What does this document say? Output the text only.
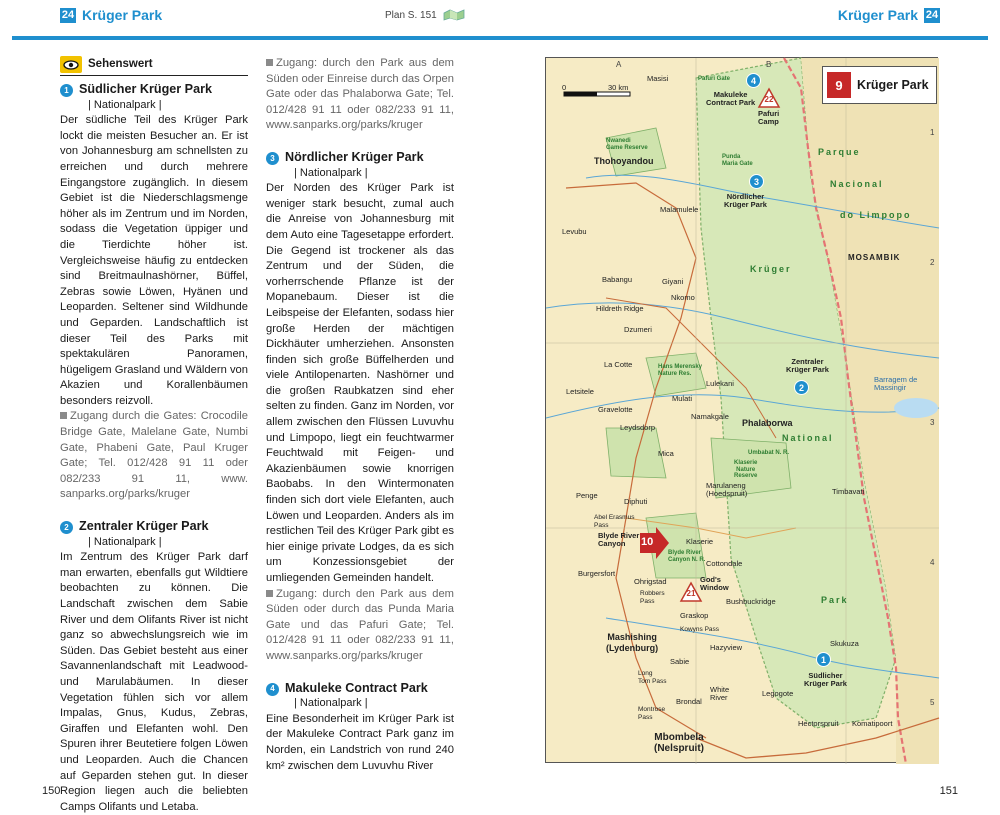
24 Krüger Park	Plan S. 151	Krüger Park 24
Sehenswert
1 Südlicher Krüger Park
| Nationalpark |

Der südliche Teil des Krüger Park lockt die meisten Besucher an. Er ist von Johannesburg am schnellsten zu erreichen und durch mehrere Eingangstore zugänglich. In diesem Gebiet ist die Niederschlagsmenge höher als im Zentrum und im Norden, sodass die Vegetation üppiger und die Tierdichte höher ist. Vergleichsweise häufig zu entdecken sind Breitmaulnashörner, Büffel, Zebras sowie Löwen, Hyänen und Leoparden. Seltener sind Wildhunde und Geparden. Landschaftlich ist dieser Teil des Parks mit spektakulären Panoramen, hügeligem Grasland und Wäldern von Akazien und Korallenbäumen besonders reizvoll.

Zugang durch die Gates: Crocodile Bridge Gate, Malelane Gate, Numbi Gate, Phabeni Gate, Paul Kruger Gate; Tel. 012/428 91 11 oder 082/233 91 11, www. sanparks.org/parks/kruger

2 Zentraler Krüger Park
| Nationalpark |

Im Zentrum des Krüger Park darf man erwarten, ebenfalls gut Wildtiere beobachten zu können. Die Landschaft zwischen dem Sabie River und dem Olifants River ist nicht ganz so abwechslungsreich wie im Süden. Das Gebiet besteht aus einer Savannenlandschaft mit Leadwood- und Marulabäumen. In dieser Vegetation fühlen sich vor allem Impalas, Gnus, Kudus, Zebras, Giraffen und Elefanten wohl. Den Spuren ihrer Beutetiere folgen Löwen und Leoparden. Auch die Chancen auf Geparden stehen gut. In dieser Region liegen auch die beliebten Camps Olifants und Letaba.

Zugang: durch den Park aus dem Süden oder Einreise durch das Orpen Gate oder das Phalaborwa Gate; Tel. 012/428 91 11 oder 082/233 91 11, www.sanparks.org/parks/kruger

3 Nördlicher Krüger Park
| Nationalpark |

Der Norden des Krüger Park ist weniger stark besucht, zumal auch die Anreise von Johannesburg mit dem Auto eine Tagesetappe erfordert. Die Gegend ist trockener als das Zentrum und der Süden, die vorherrschende Pflanze ist der Mopanebaum. Dieser ist die Leibspeise der Elefanten, sodass hier große Herden der mächtigen Dickhäuter umherziehen. Ansonsten finden sich große Büffelherden und viele Antilopenarten. Nashörner und die großen Raubkatzen sind eher selten zu finden. Ganz im Norden, vor allem zwischen den Flüssen Luvuvhu und Limpopo, liegt ein feuchtwarmer Feuchtwald mit Feigen- und Akazienbäumen sowie knorrigen Baobabs. In den Wintermonaten finden sich dort viele Elefanten, auch Löwen und Leoparden. Anders als im restlichen Teil des Krüger Park gibt es hier einige private Lodges, da es sich um Konzessionsgebiet der umliegenden Gemeinden handelt.

Zugang: durch den Park aus dem Süden oder durch das Punda Maria Gate und das Pafuri Gate; Tel. 012/428 91 11 oder 082/233 91 11, www.sanparks.org/parks/kruger

4 Makuleke Contract Park
| Nationalpark |

Eine Besonderheit im Krüger Park ist der Makuleke Contract Park ganz im Norden, ein Landstrich von rund 240 km² zwischen dem Luvuvhu River

150	151
0	30 km	9	Krüger Park
4
3
2
1
22
21
10
A	B
1
2
3
4
5
Masisi	Pafuri Gate
Makuleke
Contract Park
Pafuri
Camp
Nwanedi
Game Reserve
Punda
Maria Gate
Thohoyandou
Nördlicher
Krüger Park
Parque
Nacional
do Limpopo
MOSAMBIK
Malamulele
Levubu
Krüger
Babangu	Giyani
Nkomo
Hildreth Ridge
Dzumeri
La Cotte	Hans Merensky
Nature Res.
Zentraler
Krüger Park
Letsitele
Lulekani
Mulati
Gravelotte
Namakgale
Leydsdorp	Phalaborwa
Barragem de
Massingir
National
Umbabat N. R.
Mica
Klaserie
Nature
Reserve
Marulaneng
(Hoedspruit)
Penge
Diphuti
Timbavati
Abel Erasmus
Pass
Blyde River
Canyon	Klaserie
Blyde River
Canyon N. R. Cottondale
Burgersfort
Ohrigstad
Robbers
Pass
God's
Window
Bushbuckridge
Graskop
Park
Mashishing
(Lydenburg)
Kowyns Pass
Skukuza
Hazyview
Sabie
Long
Tom Pass
Südlicher
Krüger Park
White
River	Legogote
Brondal
Montrose
Pass
Hectorspruit Komatipoort
Mbombela
(Nelspruit)
